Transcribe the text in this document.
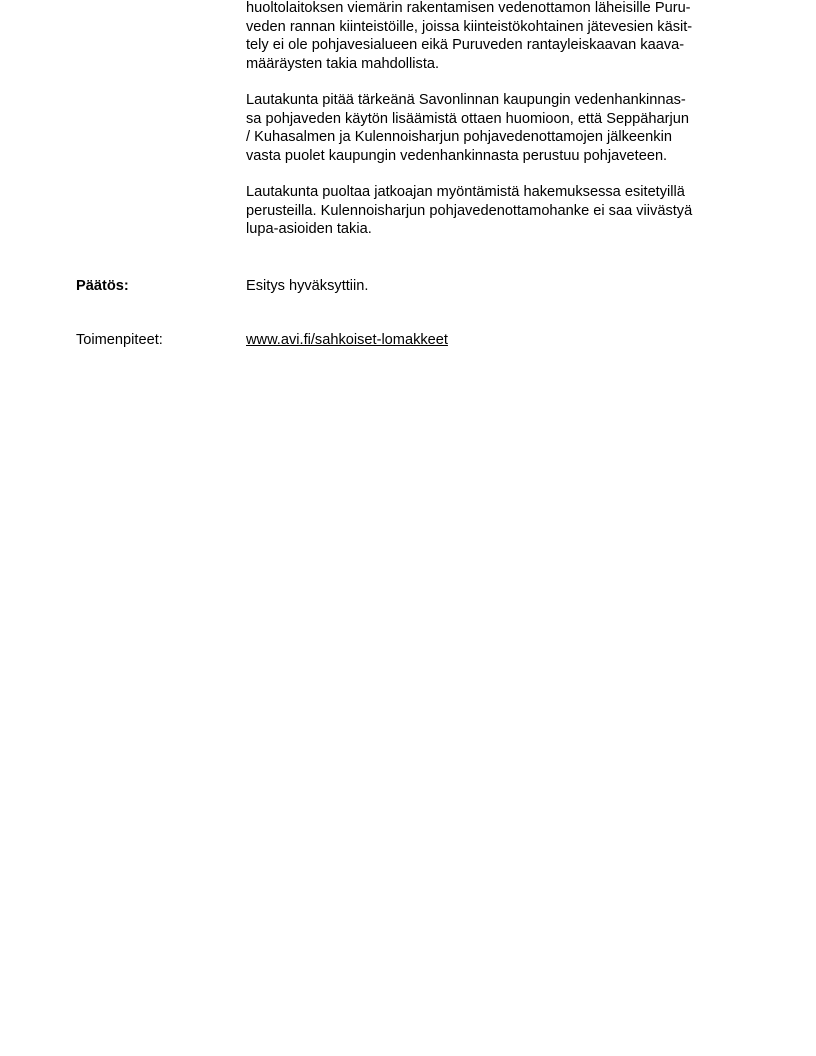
huoltolaitoksen viemärin rakentamisen vedenottamon läheisille Puru-
veden rannan kiinteistöille, joissa kiinteistökohtainen jätevesien käsit-
tely ei ole pohjavesialueen eikä Puruveden rantayleiskaavan kaava-
määräysten takia mahdollista.

Lautakunta pitää tärkeänä Savonlinnan kaupungin vedenhankinnas-
sa pohjaveden käytön lisäämistä ottaen huomioon, että Seppäharjun
/ Kuhasalmen ja Kulennoisharjun pohjavedenottamojen jälkeenkin
vasta puolet kaupungin vedenhankinnasta perustuu pohjaveteen.

Lautakunta puoltaa jatkoajan myöntämistä hakemuksessa esitetyillä
perusteilla. Kulennoisharjun pohjavedenottamohanke ei saa viivästyä
lupa-asioiden takia.

Päätös:	Esitys hyväksyttiin.

Toimenpiteet:	www.avi.fi/sahkoiset-lomakkeet
